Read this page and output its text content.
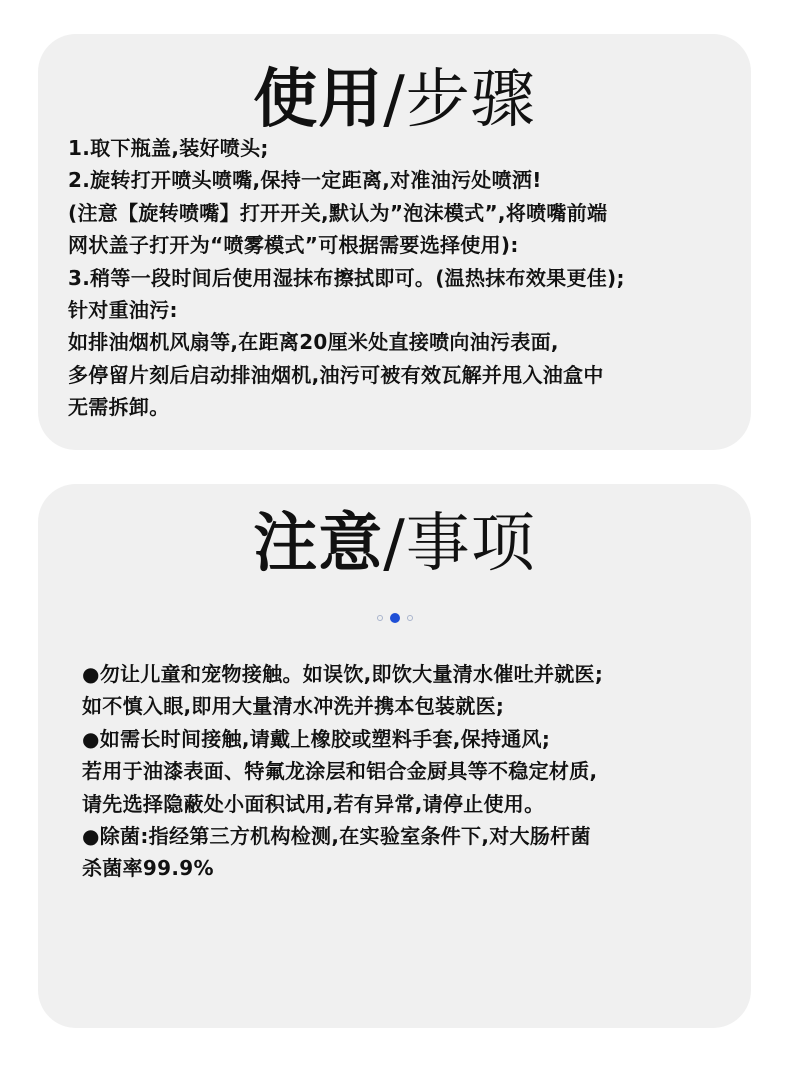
使用/步骤
1.取下瓶盖,装好喷头;
2.旋转打开喷头喷嘴,保持一定距离,对准油污处喷洒!
(注意【旋转喷嘴】打开开关,默认为”泡沫模式”,将喷嘴前端
网状盖子打开为“喷雾模式”可根据需要选择使用):
3.稍等一段时间后使用湿抹布擦拭即可。(温热抹布效果更佳);
针对重油污:
如排油烟机风扇等,在距离20厘米处直接喷向油污表面,
多停留片刻后启动排油烟机,油污可被有效瓦解并甩入油盒中
无需拆卸。
注意/事项
●勿让儿童和宠物接触。如误饮,即饮大量清水催吐并就医;
如不慎入眼,即用大量清水冲洗并携本包装就医;
●如需长时间接触,请戴上橡胶或塑料手套,保持通风;
若用于油漆表面、特氟龙涂层和铝合金厨具等不稳定材质,
请先选择隐蔽处小面积试用,若有异常,请停止使用。
●除菌:指经第三方机构检测,在实验室条件下,对大肠杆菌
杀菌率99.9%
